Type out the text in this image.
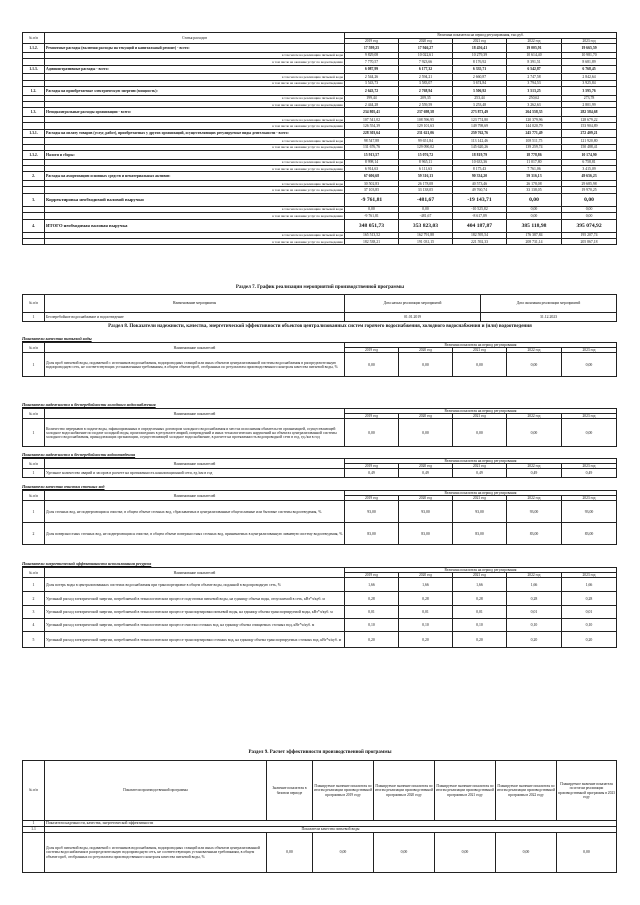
№ п/п	Статья расходов	Величина показателя на период регулирования, тыс.руб.				
		2019 год	2020 год	2021 год	2022 год	2023 год
1.1.2.	Ремонтные расходы (включая расходы на текущий и капитальный ремонт) - всего:	17 599,25	17 946,27	18 456,41	19 005,91	19 665,59
	в том числе на реализацию питьевой воды	9 829,08	10 022,61	10 279,39	10 614,40	10 981,70
	в том числе на оказание услуг по водоотведению	7 770,57	7 923,66	8 176,92	8 391,51	8 681,89
1.1.3.	Административные расходы - всего:	6 087,99	6 177,32	6 335,71	6 542,87	6 768,45
	в том числе на реализацию питьевой воды	2 544,26	2 594,21	2 660,87	2 747,58	2 842,64
	в том числе на оказание услуг по водоотведению	3 543,73	3 583,07	3 674,84	3 794,53	3 925,84
1.2.	Расходы на приобретаемые электрическую энергию (мощность):	2 643,72	2 768,94	3 506,92	3 513,25	3 595,76
	в том числе на реализацию питьевой воды	199,44	209,35	253,44	250,62	273,78
	в том числе на оказание услуг по водоотведению	2 444,28	2 559,59	3 253,48	3 262,63	2 801,99
1.3.	Неподконтрольные расходы организации - всего:	234 805,41	237 698,58	273 873,49	264 558,35	282 584,68
	в том числе на реализацию питьевой воды	107 541,02	108 596,95	123 774,80	120 379,96	128 679,22
	в том числе на оказание услуг по водоотведению	126 554,39	129 101,63	149 798,69	144 020,79	153 904,89
1.3.1.	Расходы на оплату товаров (услуг, работ), приобретаемых у других организаций, осуществляющих регулируемые виды деятельности - всего:	228 303,64	231 621,06	259 762,76	245 771,49	272 409,21
	в том числе на реализацию питьевой воды	98 547,88	99 651,84	113 142,46	108 511,75	121 920,80
	в том числе на оказание услуг по водоотведению	131 676,76	129 090,02	145 620,26	139 259,74	150 488,41
1.3.2.	Налоги и сборы:	15 913,57	15 076,72	18 819,79	18 778,86	10 174,90
	в том числе на реализацию питьевой воды	8 998,14	8 965,11	10 633,36	11 017,80	6 758,81
	в том числе на оказание услуг по водоотведению	6 914,63	6 111,63	8 175,43	7 761,06	3 415,09
2.	Расходы на амортизацию основных средств и нематериальных активов:	67 606,68	59 316,13	90 334,20	59 316,13	49 656,23
	в том числе на реализацию питьевой воды	30 502,83	26 178,08	40 573,46	26 178,08	29 685,98
	в том числе на оказание услуг по водоотведению	37 103,85	33 138,05	49 760,74	33 138,05	19 970,25
3.	Корректировка необходимой валовой выручки	-9 761,81	-481,67	-19 143,71	0,00	0,00
	в том числе на реализацию питьевой воды	0,00	0,00	-10 525,82	0,00	0,00
	в том числе на оказание услуг по водоотведению	-9 761,81	-481,67	-8 617,89	0,00	0,00
4.	ИТОГО необходимая валовая выручка	348 051,73	353 823,03	404 187,87	385 118,98	395 074,92
	в том числе на реализацию питьевой воды	165 513,52	162 791,88	182 595,54	176 387,84	195 207,74
	в том числе на оказание услуг по водоотведению	182 538,21	191 031,15	221 592,33	208 731,14	205 867,18
Раздел 7. График реализации мероприятий производственной программы
№ п/п	Наименование мероприятия	Дата начала реализации мероприятий	Дата окончания реализации мероприятий
1	Бесперебойное водоснабжение и водоотведение	01.01.2019	31.12.2023
Раздел 8. Показатели надежности, качества, энергетической эффективности объектов централизованных систем горячего водоснабжения, холодного водоснабжения и (или) водоотведения
Показатели качества питьевой воды
№ п/п	Наименование показателей	Величина показателя на период регулирования				
		2019 год	2020 год	2021 год	2022 год	2023 год
1	Доля проб питьевой воды, подаваемой с источников водоснабжения, водопроводных станций или иных объектов централизованной системы водоснабжения в распределительную водопроводную сеть, не соответствующих установленным требованиям, в общем объеме проб, отобранных по результатам производственного контроля качества питьевой воды, %	0,00	0,00	0,00	0,00	0,00
Показатели надежности и бесперебойности холодного водоснабжения
№ п/п	Наименование показателей	Величина показателя на период регулирования				
		2019 год	2020 год	2021 год	2022 год	2023 год
1	Количество перерывов в подаче воды, зафиксированных в определенных договором холодного водоснабжения и местах исполнения обязательств организацией, осуществляющей холодное водоснабжение по подаче холодной воды, произошедших в результате аварий, повреждений и иных технологических нарушений на объектах централизованной системы холодного водоснабжения, принадлежащих организации, осуществляющей холодное водоснабжение, в расчете на протяженность водопроводной сети в год, ед./км в год	0,00	0,00	0,00	0,00	0,00
Показатели надежности и бесперебойности водоотведения
№ п/п	Наименование показателей	Величина показателя на период регулирования				
		2019 год	2020 год	2021 год	2022 год	2023 год
1	Удельное количество аварий и засоров в расчете на протяженность канализационной сети, ед./км в год	0,49	0,49	0,49	0,49	0,49
Показатели качества очистки сточных вод
№ п/п	Наименование показателей	Величина показателя на период регулирования				
		2019 год	2020 год	2021 год	2022 год	2023 год
1	Доля сточных вод, не подвергающихся очистке, в общем объеме сточных вод, сбрасываемых в централизованные общесплавные или бытовые системы водоотведения, %	93,00	93,00	93,00	93,00	93,00
2	Доля поверхностных сточных вод, не подвергающихся очистке, в общем объеме поверхностных сточных вод, принимаемых в централизованную ливневую систему водоотведения, %	83,00	83,00	83,00	83,00	83,00
Показатели энергетической эффективности использования ресурсов
№ п/п	Наименование показателей	Величина показателя на период регулирования				
		2019 год	2020 год	2021 год	2022 год	2023 год
1	Доля потерь воды в централизованных системах водоснабжения при транспортировке в общем объеме воды, поданной в водопроводную сеть, %	1,66	1,66	1,66	1,66	1,66
2	Удельный расход электрической энергии, потребляемой в технологическом процессе подготовки питьевой воды, на единицу объема воды, отпускаемой в сеть, кВт*ч/куб. м	0,28	0,28	0,28	0,28	0,28
3	Удельный расход электрической энергии, потребляемой в технологическом процессе транспортировки питьевой воды, на единицу объема транспортируемой воды, кВт*ч/куб. м	0,01	0,01	0,01	0,01	0,01
4	Удельный расход электрической энергии, потребляемой в технологическом процессе очистки сточных вод, на единицу объема очищаемых сточных вод, кВт*ч/куб. м	0,10	0,10	0,10	0,10	0,10
5	Удельный расход электрической энергии, потребляемой в технологическом процессе транспортировки сточных вод, на единицу объема транспортируемых сточных вод, кВт*ч/куб. м	0,20	0,20	0,20	0,20	0,20
Раздел 9. Расчет эффективности производственной программы
№ п/п	Показатели производственной программы	Значение показателя в базовом периоде	Планируемое значение показателя по итогам реализации производственной программы в 2019 году	Планируемое значение показателя по итогам реализации производственной программы в 2020 году	Планируемое значение показателя по итогам реализации производственной программы в 2021 году	Планируемое значение показателя по итогам реализации производственной программы в 2022 году	Планируемое значение показателя по итогам реализации производственной программы в 2023 году
1	Показатели надежности, качества, энергетической эффективности						
1.1	Показатели качества питьевой воды						
	Доля проб питьевой воды, подаваемой с источников водоснабжения, водопроводных станций или иных объектов централизованной системы водоснабжения в распределительную водопроводную сеть, не соответствующих установленным требованиям, в общем объеме проб, отобранных по результатам производственного контроля качества питьевой воды, %	0,00	0,00	0,00	0,00	0,00	0,00
